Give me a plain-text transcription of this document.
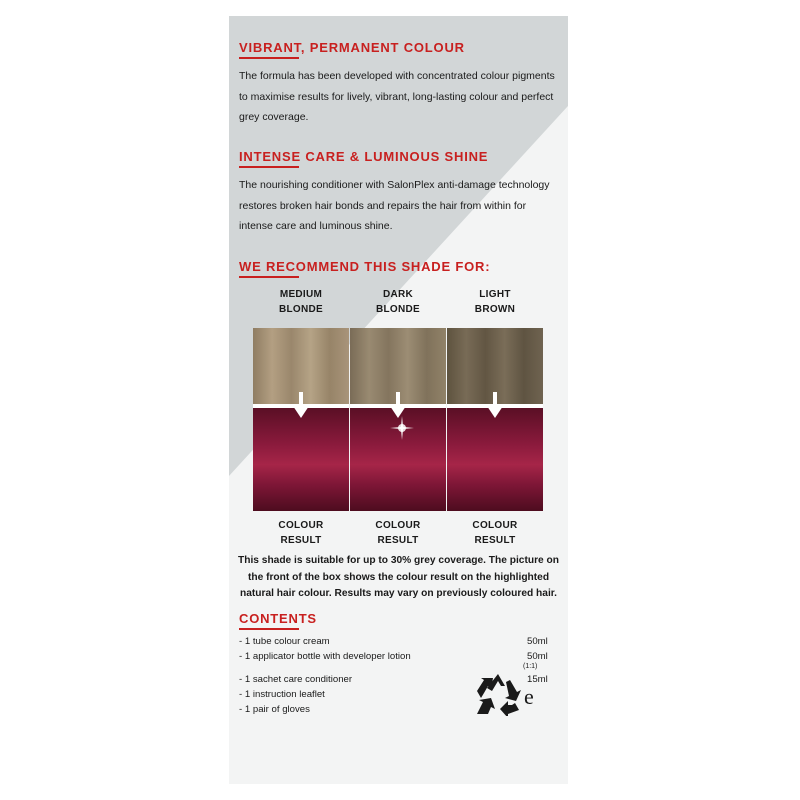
VIBRANT, PERMANENT COLOUR
The formula has been developed with concentrated colour pigments to maximise results for lively, vibrant, long-lasting colour and perfect grey coverage.
INTENSE CARE & LUMINOUS SHINE
The nourishing conditioner with SalonPlex anti-damage technology restores broken hair bonds and repairs the hair from within for intense care and luminous shine.
WE RECOMMEND THIS SHADE FOR:
MEDIUM
BLONDE
DARK
BLONDE
LIGHT
BROWN
COLOUR
RESULT
COLOUR
RESULT
COLOUR
RESULT
This shade is suitable for up to 30% grey coverage. The picture on the front of the box shows the colour result on the highlighted natural hair colour. Results may vary on previously coloured hair.
CONTENTS
- 1 tube colour cream	50ml
- 1 applicator bottle with developer lotion	50ml
- 1 sachet care conditioner	15ml
- 1 instruction leaflet
- 1 pair of gloves
(1:1)
e
